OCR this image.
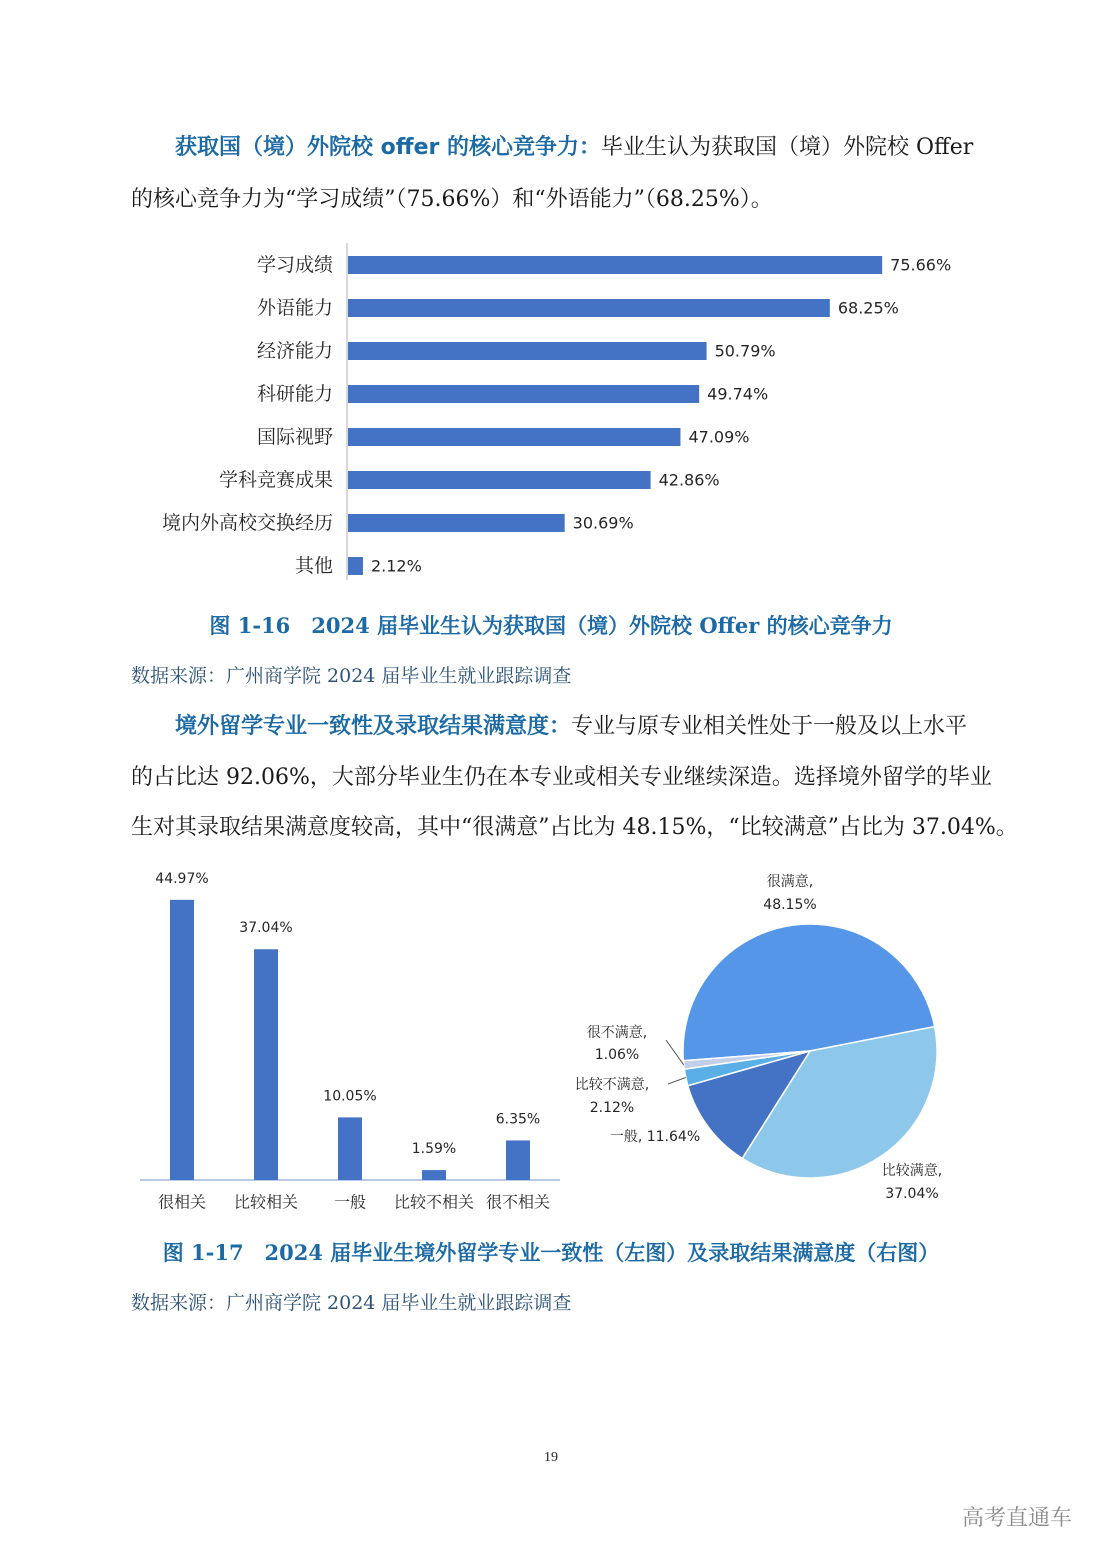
获取国（境）外院校 offer 的核心竞争力：毕业生认为获取国（境）外院校 Offer
的核心竞争力为“学习成绩”（75.66%）和“外语能力”（68.25%）。
学习成绩	75.66%
外语能力	68.25%
经济能力	50.79%
科研能力	49.74%
国际视野	47.09%
学科竞赛成果	42.86%
境内外高校交换经历	30.69%
其他 2.12%
图 1-16　2024 届毕业生认为获取国（境）外院校 Offer 的核心竞争力
数据来源：广州商学院 2024 届毕业生就业跟踪调查
境外留学专业一致性及录取结果满意度：专业与原专业相关性处于一般及以上水平
的占比达 92.06%，大部分毕业生仍在本专业或相关专业继续深造。选择境外留学的毕业
生对其录取结果满意度较高，其中“很满意”占比为 48.15%，“比较满意”占比为 37.04%。
44.97%
很相关
37.04%
比较相关
10.05%
一般
1.59%
比较不相关
6.35%
很不相关
很满意,
48.15%
比较满意,
37.04%
一般, 11.64%
比较不满意,
2.12%
很不满意,
1.06%
图 1-17　2024 届毕业生境外留学专业一致性（左图）及录取结果满意度（右图）
数据来源：广州商学院 2024 届毕业生就业跟踪调查
19
高考直通车
